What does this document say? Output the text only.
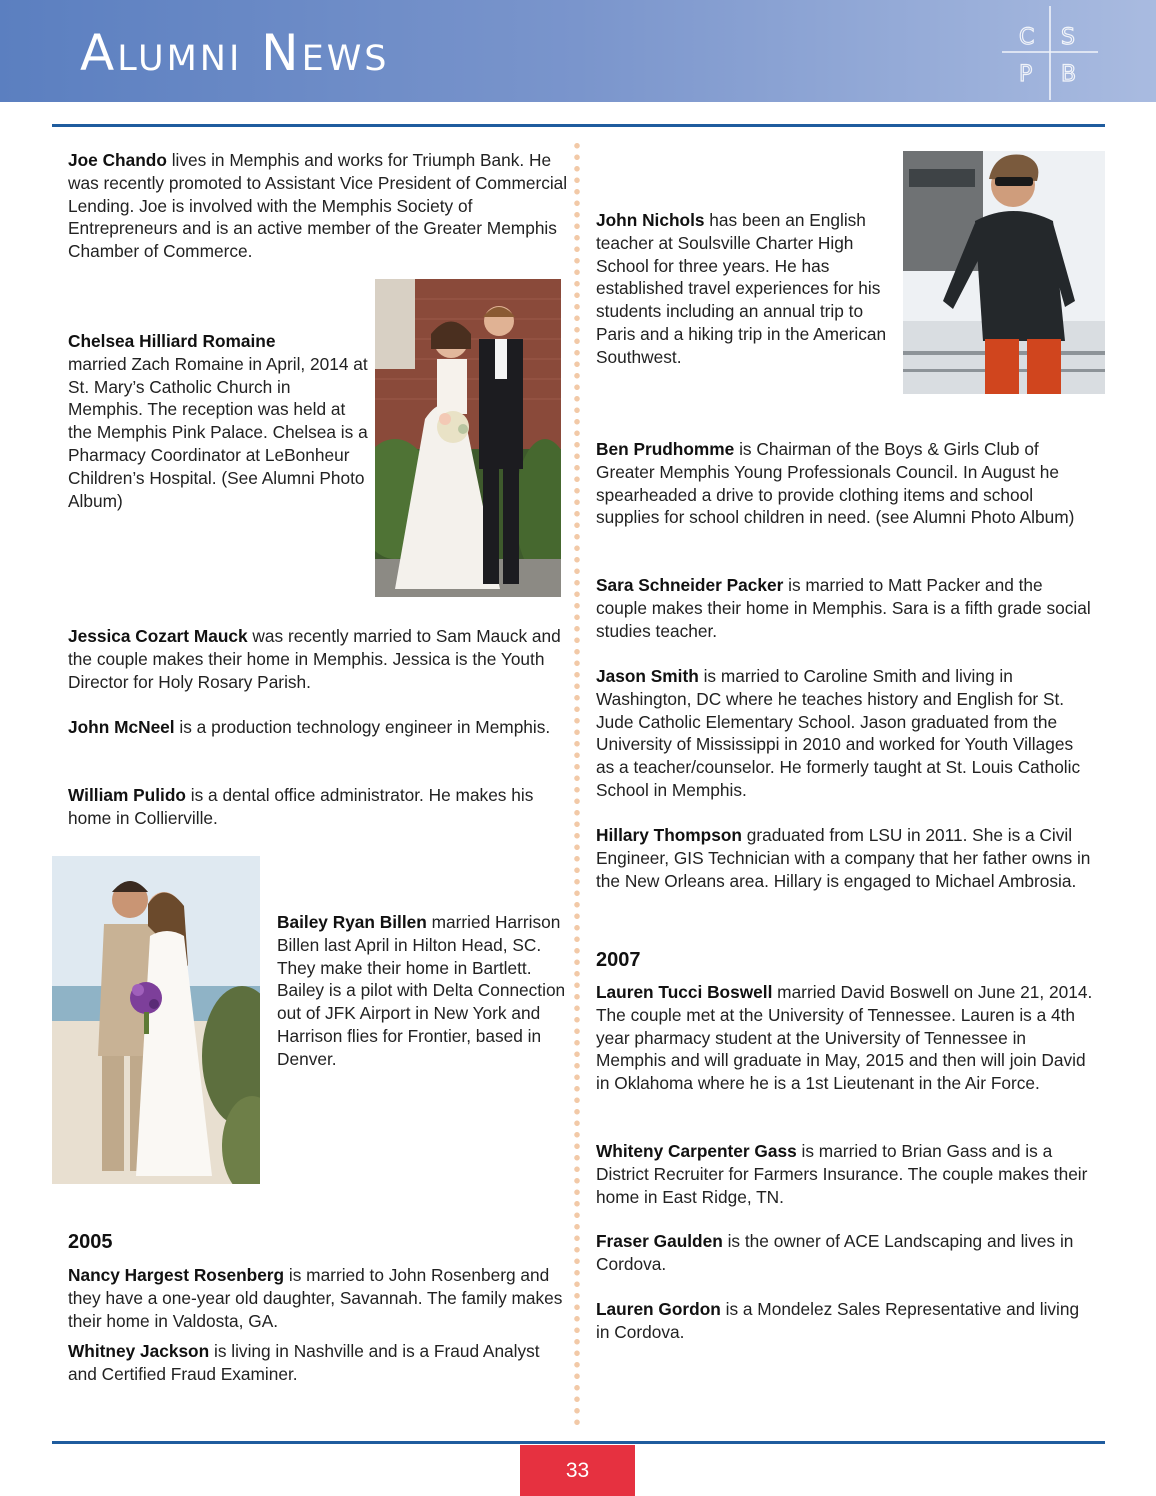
Alumni News	C S
P B

Joe Chando lives in Memphis and works for Triumph Bank. He was recently promoted to Assistant Vice President of Commercial Lending. Joe is involved with the Memphis Society of Entrepreneurs and is an active member of the Greater Memphis Chamber of Commerce.

Chelsea Hilliard Romaine
married Zach Romaine in April, 2014 at St. Mary’s Catholic Church in Memphis. The reception was held at the Memphis Pink Palace. Chelsea is a Pharmacy Coordinator at LeBonheur Children’s Hospital. (See Alumni Photo Album)

Jessica Cozart Mauck was recently married to Sam Mauck and the couple makes their home in Memphis. Jessica is the Youth Director for Holy Rosary Parish.

John McNeel is a production technology engineer in Memphis.

William Pulido is a dental office administrator. He makes his home in Collierville.

Bailey Ryan Billen married Harrison Billen last April in Hilton Head, SC. They make their home in Bartlett. Bailey is a pilot with Delta Connection out of JFK Airport in New York and Harrison flies for Frontier, based in Denver.

2005

Nancy Hargest Rosenberg is married to John Rosenberg and they have a one-year old daughter, Savannah. The family makes their home in Valdosta, GA.

Whitney Jackson is living in Nashville and is a Fraud Analyst and Certified Fraud Examiner.

John Nichols has been an English teacher at Soulsville Charter High School for three years. He has established travel experiences for his students including an annual trip to Paris and a hiking trip in the American Southwest.

Ben Prudhomme is Chairman of the Boys & Girls Club of Greater Memphis Young Professionals Council. In August he spearheaded a drive to provide clothing items and school supplies for school children in need. (see Alumni Photo Album)

Sara Schneider Packer is married to Matt Packer and the couple makes their home in Memphis. Sara is a fifth grade social studies teacher.

Jason Smith is married to Caroline Smith and living in Washington, DC where he teaches history and English for St. Jude Catholic Elementary School. Jason graduated from the University of Mississippi in 2010 and worked for Youth Villages as a teacher/counselor. He formerly taught at St. Louis Catholic School in Memphis.

Hillary Thompson graduated from LSU in 2011. She is a Civil Engineer, GIS Technician with a company that her father owns in the New Orleans area. Hillary is engaged to Michael Ambrosia.

2007

Lauren Tucci Boswell married David Boswell on June 21, 2014. The couple met at the University of Tennessee. Lauren is a 4th year pharmacy student at the University of Tennessee in Memphis and will graduate in May, 2015 and then will join David in Oklahoma where he is a 1st Lieutenant in the Air Force.

Whiteny Carpenter Gass is married to Brian Gass and is a District Recruiter for Farmers Insurance. The couple makes their home in East Ridge, TN.

Fraser Gaulden is the owner of ACE Landscaping and lives in Cordova.

Lauren Gordon is a Mondelez Sales Representative and living in Cordova.

33
